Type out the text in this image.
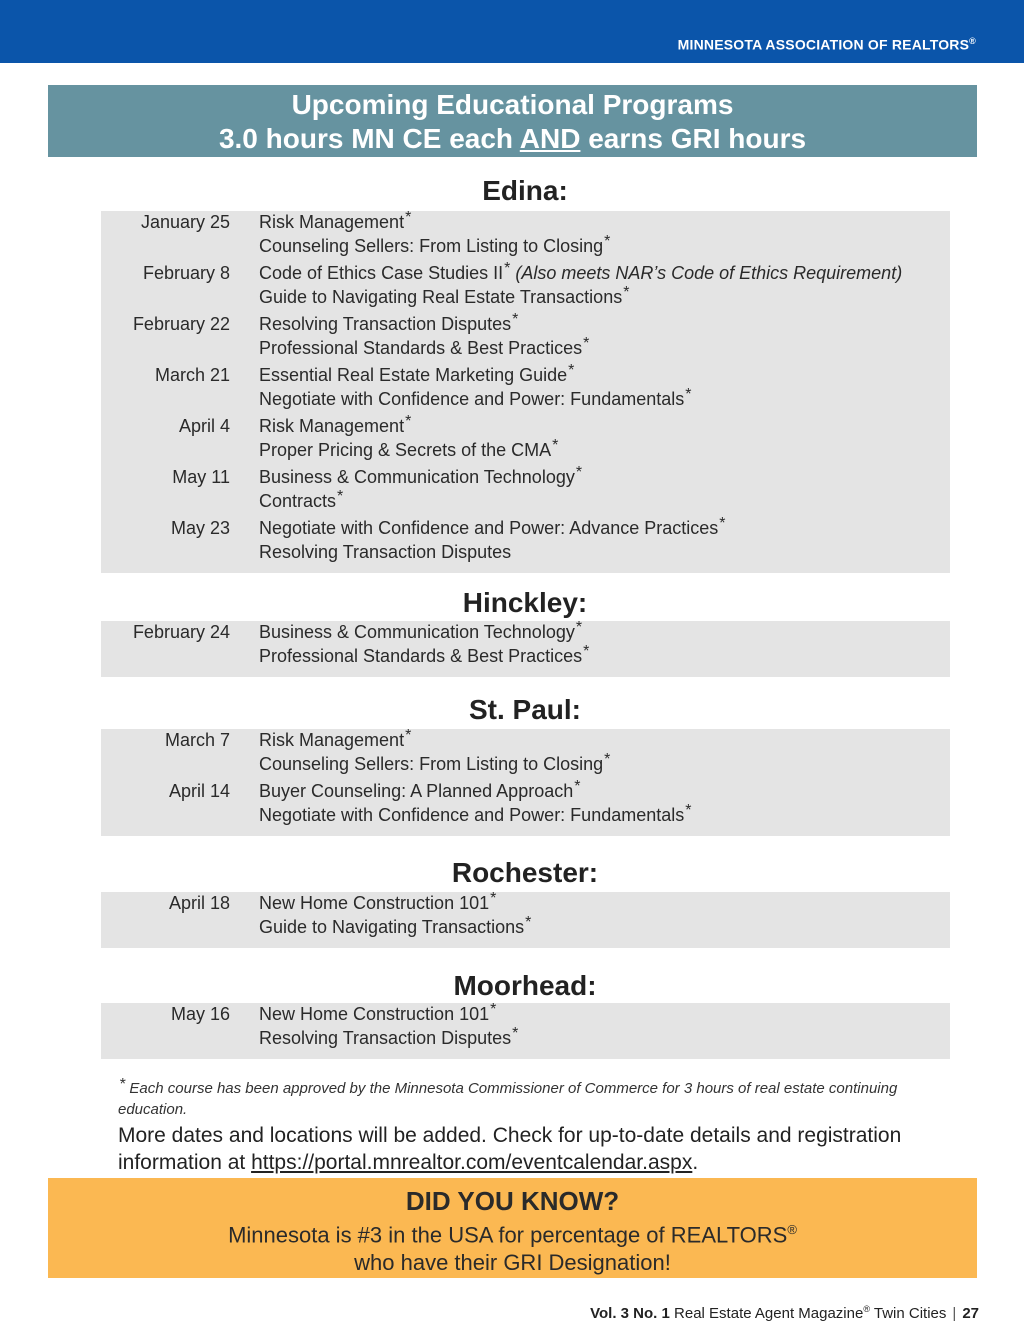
MINNESOTA ASSOCIATION OF REALTORS®
Upcoming Educational Programs
3.0 hours MN CE each AND earns GRI hours
Edina:
January 25 Risk Management*
Counseling Sellers: From Listing to Closing*
February 8 Code of Ethics Case Studies II* (Also meets NAR’s Code of Ethics Requirement)
Guide to Navigating Real Estate Transactions*
February 22 Resolving Transaction Disputes*
Professional Standards & Best Practices*
March 21 Essential Real Estate Marketing Guide*
Negotiate with Confidence and Power: Fundamentals*
April 4 Risk Management*
Proper Pricing & Secrets of the CMA*
May 11 Business & Communication Technology*
Contracts*
May 23 Negotiate with Confidence and Power: Advance Practices*
Resolving Transaction Disputes
Hinckley:
February 24 Business & Communication Technology*
Professional Standards & Best Practices*
St. Paul:
March 7 Risk Management*
Counseling Sellers: From Listing to Closing*
April 14 Buyer Counseling: A Planned Approach*
Negotiate with Confidence and Power: Fundamentals*
Rochester:
April 18 New Home Construction 101*
Guide to Navigating Transactions*
Moorhead:
May 16 New Home Construction 101*
Resolving Transaction Disputes*
* Each course has been approved by the Minnesota Commissioner of Commerce for 3 hours of real estate continuing education.
More dates and locations will be added. Check for up-to-date details and registration information at https://portal.mnrealtor.com/eventcalendar.aspx.
DID YOU KNOW?
Minnesota is #3 in the USA for percentage of REALTORS®
who have their GRI Designation!
Vol. 3 No. 1 Real Estate Agent Magazine® Twin Cities | 27
